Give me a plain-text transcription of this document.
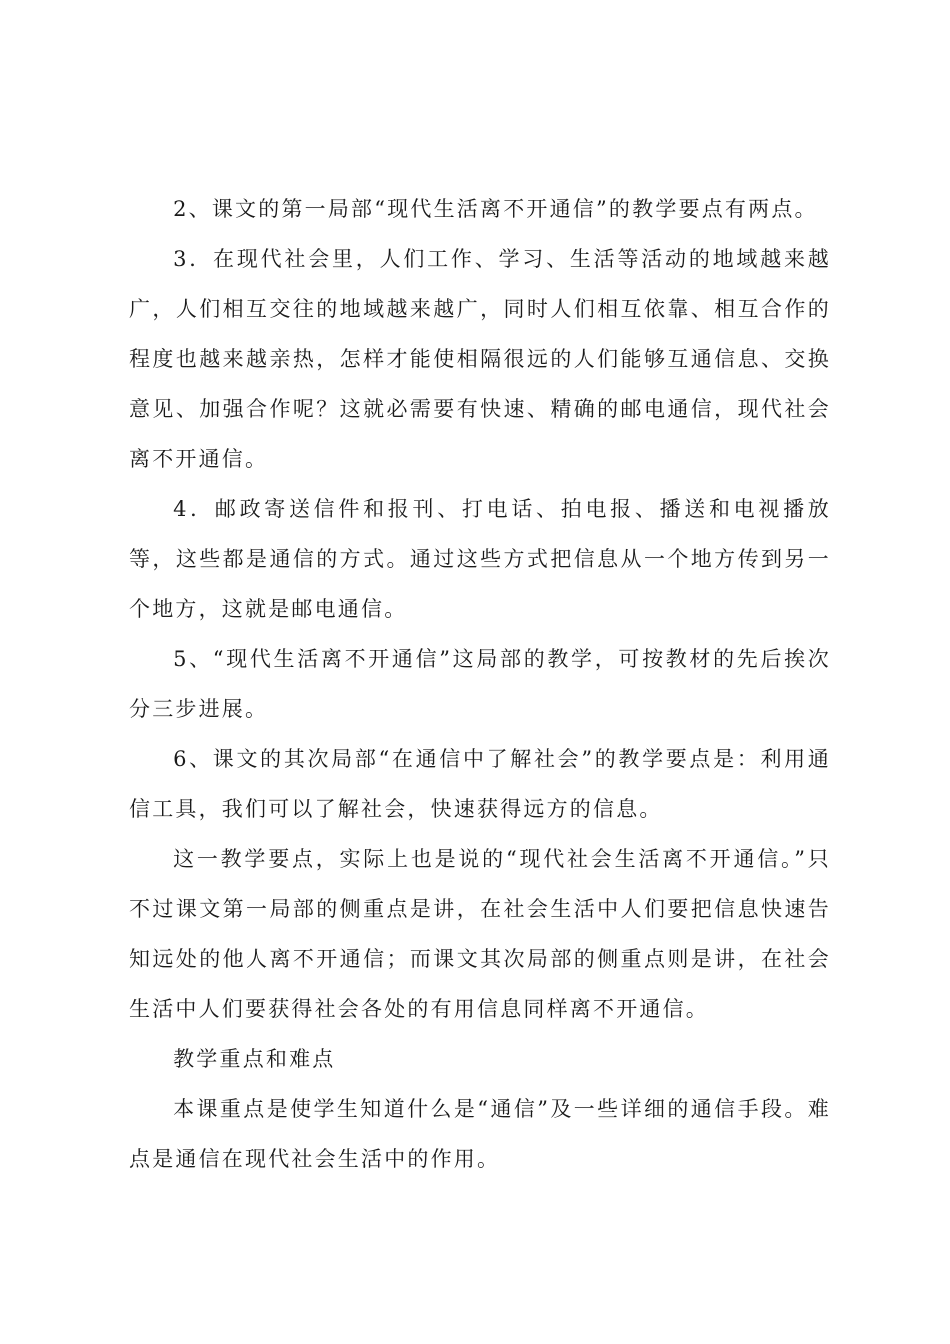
2、课文的第一局部“现代生活离不开通信”的教学要点有两点。

3．在现代社会里，人们工作、学习、生活等活动的地域越来越广，人们相互交往的地域越来越广，同时人们相互依靠、相互合作的程度也越来越亲热，怎样才能使相隔很远的人们能够互通信息、交换意见、加强合作呢？这就必需要有快速、精确的邮电通信，现代社会离不开通信。

4．邮政寄送信件和报刊、打电话、拍电报、播送和电视播放等，这些都是通信的方式。通过这些方式把信息从一个地方传到另一个地方，这就是邮电通信。

5、“现代生活离不开通信”这局部的教学，可按教材的先后挨次分三步进展。

6、课文的其次局部“在通信中了解社会”的教学要点是：利用通信工具，我们可以了解社会，快速获得远方的信息。

这一教学要点，实际上也是说的“现代社会生活离不开通信。”只不过课文第一局部的侧重点是讲，在社会生活中人们要把信息快速告知远处的他人离不开通信；而课文其次局部的侧重点则是讲，在社会生活中人们要获得社会各处的有用信息同样离不开通信。

教学重点和难点

本课重点是使学生知道什么是“通信”及一些详细的通信手段。难点是通信在现代社会生活中的作用。
